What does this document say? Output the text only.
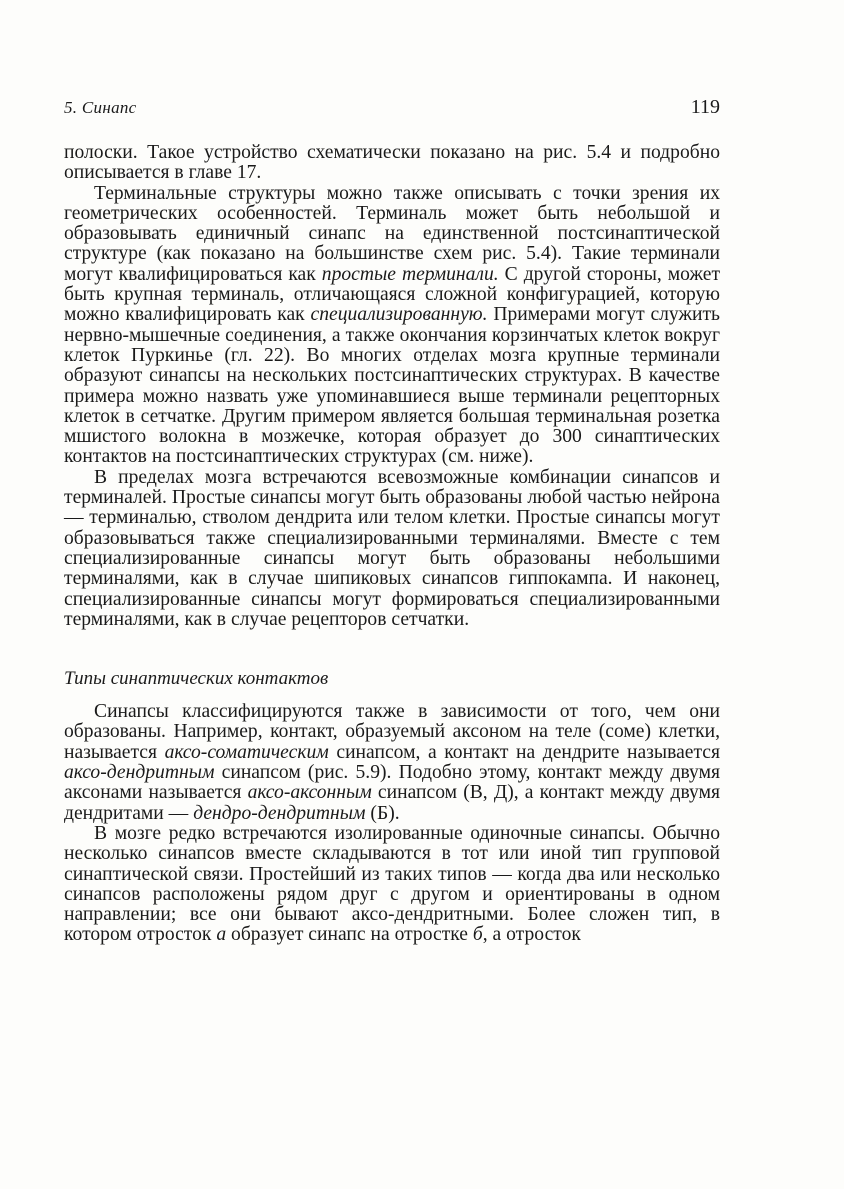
5. Синапс	119

полоски. Такое устройство схематически показано на рис. 5.4 и подробно описывается в главе 17.

Терминальные структуры можно также описывать с точки зрения их геометрических особенностей. Терминаль может быть небольшой и образовывать единичный синапс на единственной постсинаптической структуре (как показано на большинстве схем рис. 5.4). Такие терминали могут квалифицироваться как простые терминали. С другой стороны, может быть крупная терминаль, отличающаяся сложной конфигурацией, которую можно квалифицировать как специализированную. Примерами могут служить нервно-мышечные соединения, а также окончания корзинчатых клеток вокруг клеток Пуркинье (гл. 22). Во многих отделах мозга крупные терминали образуют синапсы на нескольких постсинаптических структурах. В качестве примера можно назвать уже упоминавшиеся выше терминали рецепторных клеток в сетчатке. Другим примером является большая терминальная розетка мшистого волокна в мозжечке, которая образует до 300 синаптических контактов на постсинаптических структурах (см. ниже).

В пределах мозга встречаются всевозможные комбинации синапсов и терминалей. Простые синапсы могут быть образованы любой частью нейрона — терминалью, стволом дендрита или телом клетки. Простые синапсы могут образовываться также специализированными терминалями. Вместе с тем специализированные синапсы могут быть образованы небольшими терминалями, как в случае шипиковых синапсов гиппокампа. И наконец, специализированные синапсы могут формироваться специализированными терминалями, как в случае рецепторов сетчатки.

Типы синаптических контактов

Синапсы классифицируются также в зависимости от того, чем они образованы. Например, контакт, образуемый аксоном на теле (соме) клетки, называется аксо-соматическим синапсом, а контакт на дендрите называется аксо-дендритным синапсом (рис. 5.9). Подобно этому, контакт между двумя аксонами называется аксо-аксонным синапсом (В, Д), а контакт между двумя дендритами — дендро-дендритным (Б).

В мозге редко встречаются изолированные одиночные синапсы. Обычно несколько синапсов вместе складываются в тот или иной тип групповой синаптической связи. Простейший из таких типов — когда два или несколько синапсов расположены рядом друг с другом и ориентированы в одном направлении; все они бывают аксо-дендритными. Более сложен тип, в котором отросток а образует синапс на отростке б, а отросток
